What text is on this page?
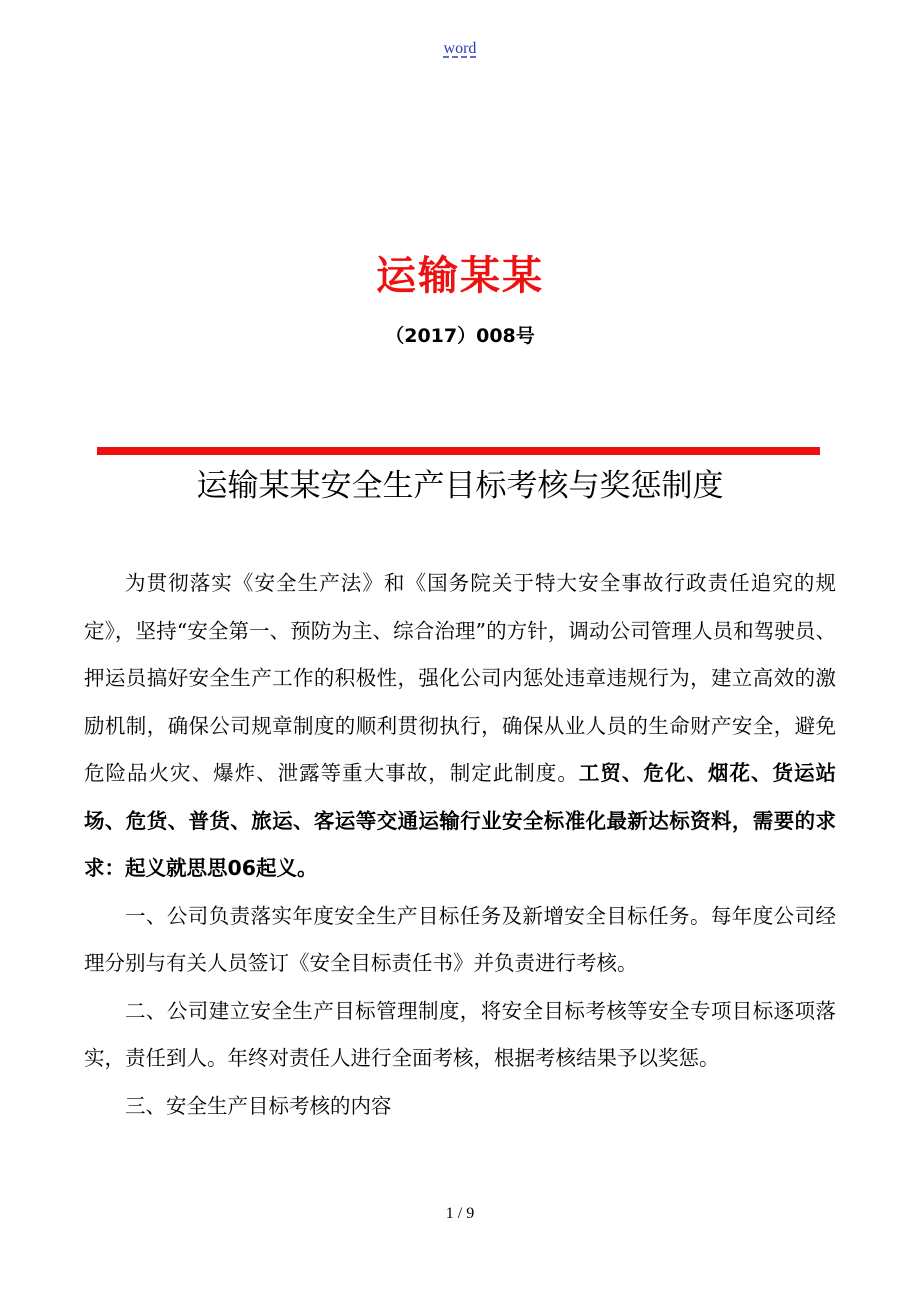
word
运输某某
（2017）008号
运输某某安全生产目标考核与奖惩制度

为贯彻落实《安全生产法》和《国务院关于特大安全事故行政责任追究的规定》，坚持“安全第一、预防为主、综合治理”的方针，调动公司管理人员和驾驶员、押运员搞好安全生产工作的积极性，强化公司内惩处违章违规行为，建立高效的激励机制，确保公司规章制度的顺利贯彻执行，确保从业人员的生命财产安全，避免危险品火灾、爆炸、泄露等重大事故，制定此制度。工贸、危化、烟花、货运站场、危货、普货、旅运、客运等交通运输行业安全标准化最新达标资料，需要的求求：起义就思思06起义。

一、公司负责落实年度安全生产目标任务及新增安全目标任务。每年度公司经理分别与有关人员签订《安全目标责任书》并负责进行考核。

二、公司建立安全生产目标管理制度，将安全目标考核等安全专项目标逐项落实，责任到人。年终对责任人进行全面考核，根据考核结果予以奖惩。

三、安全生产目标考核的内容

1 / 9
